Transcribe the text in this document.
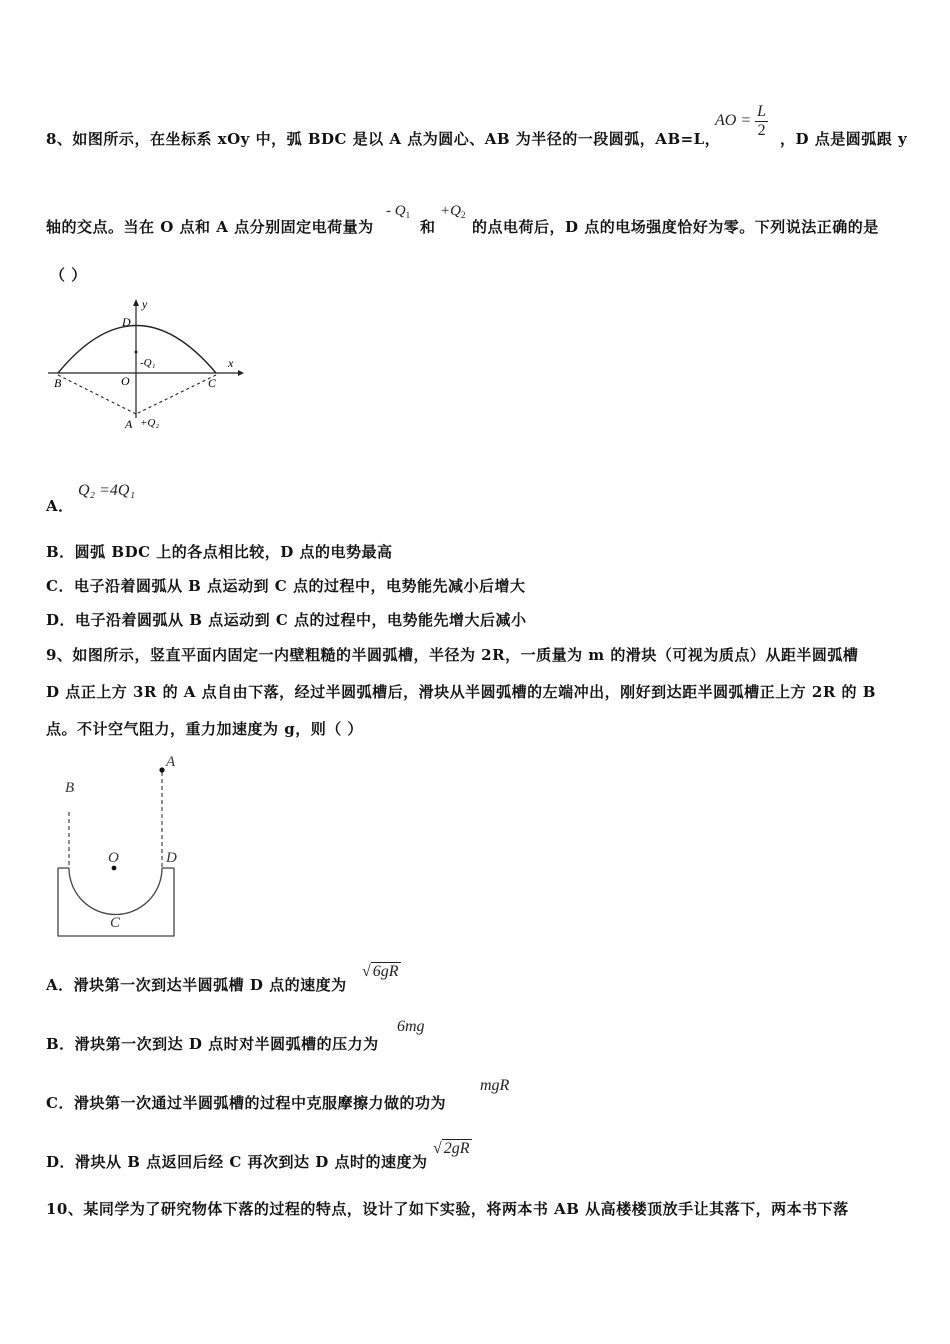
8、如图所示，在坐标系 xOy 中，弧 BDC 是以 A 点为圆心、AB 为半径的一段圆弧，AB=L，
AO = $\frac{L}{2}$ ，D 点是圆弧跟 y
轴的交点。当在 O 点和 A 点分别固定电荷量为
- $Q_1$
和
$+Q_2$
的点电荷后，D 点的电场强度恰好为零。下列说法正确的是
（ ）
y
x
D
-Q₁
B	O	C
A +Q₂
A．
Q₂ =4Q₁
B．圆弧 BDC 上的各点相比较，D 点的电势最高
C．电子沿着圆弧从 B 点运动到 C 点的过程中，电势能先减小后增大
D．电子沿着圆弧从 B 点运动到 C 点的过程中，电势能先增大后减小
9、如图所示，竖直平面内固定一内壁粗糙的半圆弧槽，半径为 2R，一质量为 m 的滑块（可视为质点）从距半圆弧槽
D 点正上方 3R 的 A 点自由下落，经过半圆弧槽后，滑块从半圆弧槽的左端冲出，刚好到达距半圆弧槽正上方 2R 的 B
点。不计空气阻力，重力加速度为 g，则（ ）
A
B
O	D
C
A．滑块第一次到达半圆弧槽 D 点的速度为
√ 6gR
B．滑块第一次到达 D 点时对半圆弧槽的压力为
6mg
C．滑块第一次通过半圆弧槽的过程中克服摩擦力做的功为
mgR
D．滑块从 B 点返回后经 C 再次到达 D 点时的速度为
√ 2gR
10、某同学为了研究物体下落的过程的特点，设计了如下实验，将两本书 AB 从高楼楼顶放手让其落下，两本书下落
